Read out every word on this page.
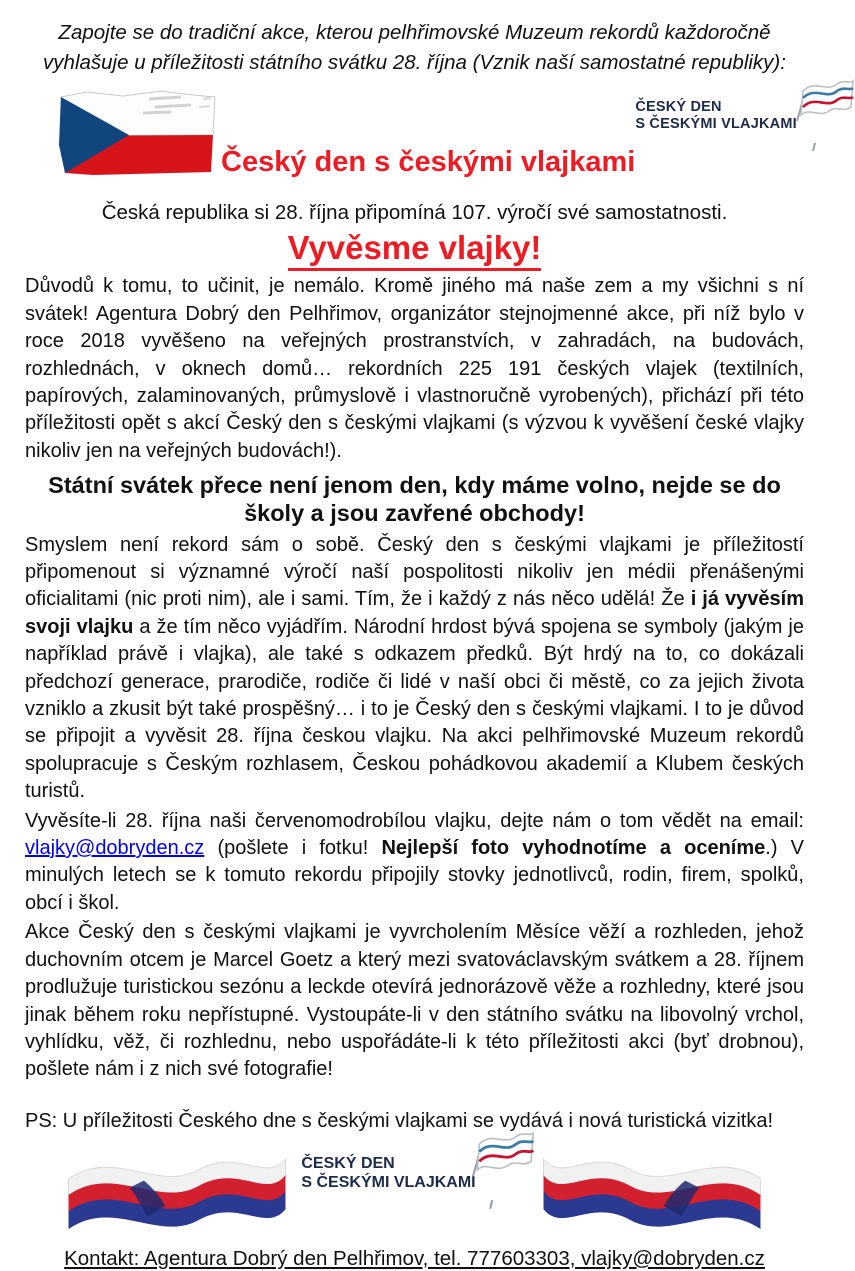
Zapojte se do tradiční akce, kterou pelhřimovské Muzeum rekordů každoročně vyhlašuje u příležitosti státního svátku 28. října (Vznik naší samostatné republiky):
Český den s českými vlajkami
ČESKÝ DEN
S ČESKÝMI VLAJKAMI
Česká republika si 28. října připomíná 107. výročí své samostatnosti.
Vyvěsme vlajky!

Důvodů k tomu, to učinit, je nemálo. Kromě jiného má naše zem a my všichni s ní svátek! Agentura Dobrý den Pelhřimov, organizátor stejnojmenné akce, při níž bylo v roce 2018 vyvěšeno na veřejných prostranstvích, v zahradách, na budovách, rozhlednách, v oknech domů… rekordních 225 191 českých vlajek (textilních, papírových, zalaminovaných, průmyslově i vlastnoručně vyrobených), přichází při této příležitosti opět s akcí Český den s českými vlajkami (s výzvou k vyvěšení české vlajky nikoliv jen na veřejných budovách!).

Státní svátek přece není jenom den, kdy máme volno, nejde se do školy a jsou zavřené obchody!

Smyslem není rekord sám o sobě. Český den s českými vlajkami je příležitostí připomenout si významné výročí naší pospolitosti nikoliv jen médii přenášenými oficialitami (nic proti nim), ale i sami. Tím, že i každý z nás něco udělá! Že i já vyvěsím svoji vlajku a že tím něco vyjádřím. Národní hrdost bývá spojena se symboly (jakým je například právě i vlajka), ale také s odkazem předků. Být hrdý na to, co dokázali předchozí generace, prarodiče, rodiče či lidé v naší obci či městě, co za jejich života vzniklo a zkusit být také prospěšný… i to je Český den s českými vlajkami. I to je důvod se připojit a vyvěsit 28. října českou vlajku. Na akci pelhřimovské Muzeum rekordů spolupracuje s Českým rozhlasem, Českou pohádkovou akademií a Klubem českých turistů.

Vyvěsíte-li 28. října naši červenomodrobílou vlajku, dejte nám o tom vědět na email: vlajky@dobryden.cz (pošlete i fotku! Nejlepší foto vyhodnotíme a oceníme.) V minulých letech se k tomuto rekordu připojily stovky jednotlivců, rodin, firem, spolků, obcí i škol.

Akce Český den s českými vlajkami je vyvrcholením Měsíce věží a rozhleden, jehož duchovním otcem je Marcel Goetz a který mezi svatováclavským svátkem a 28. říjnem prodlužuje turistickou sezónu a leckde otevírá jednorázově věže a rozhledny, které jsou jinak během roku nepřístupné. Vystoupáte-li v den státního svátku na libovolný vrchol, vyhlídku, věž, či rozhlednu, nebo uspořádáte-li k této příležitosti akci (byť drobnou), pošlete nám i z nich své fotografie!

PS: U příležitosti Českého dne s českými vlajkami se vydává i nová turistická vizitka!
ČESKÝ DEN
S ČESKÝMI VLAJKAMI
Kontakt: Agentura Dobrý den Pelhřimov, tel. 777603303, vlajky@dobryden.cz
